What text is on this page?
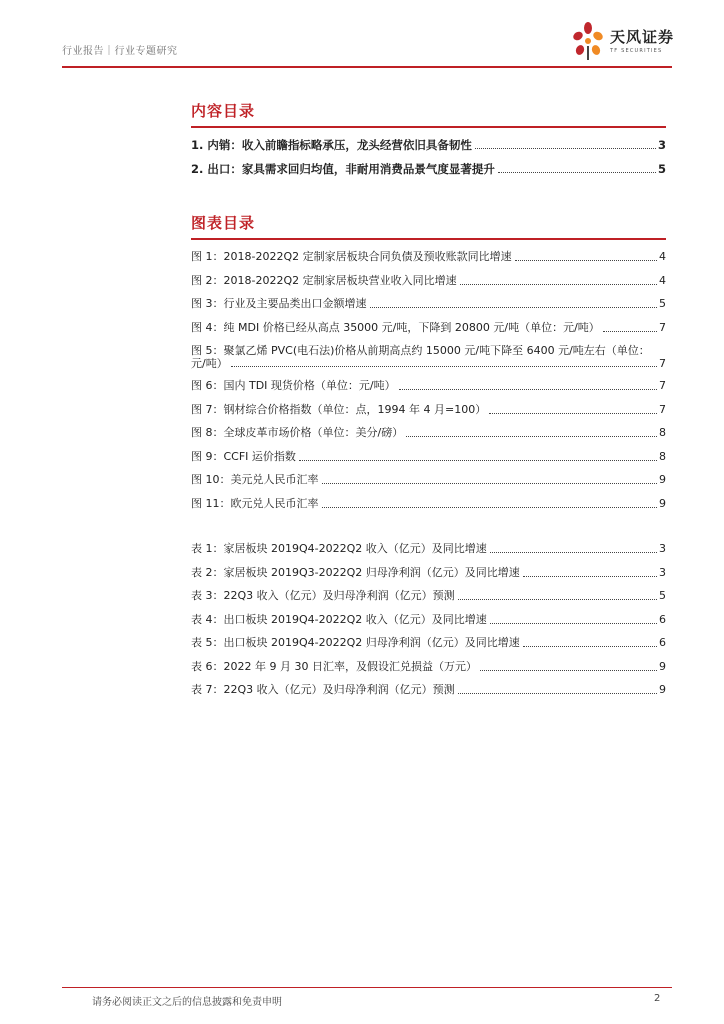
行业报告｜行业专题研究
天风证券
TF SECURITIES
内容目录
1. 内销：收入前瞻指标略承压，龙头经营依旧具备韧性	3
2. 出口：家具需求回归均值，非耐用消费品景气度显著提升	5
图表目录
图 1：2018-2022Q2 定制家居板块合同负债及预收账款同比增速	4
图 2：2018-2022Q2 定制家居板块营业收入同比增速	4
图 3：行业及主要品类出口金额增速	5
图 4：纯 MDI 价格已经从高点 35000 元/吨，下降到 20800 元/吨（单位：元/吨）	7
图 5：聚氯乙烯 PVC(电石法)价格从前期高点约 15000 元/吨下降至 6400 元/吨左右（单位：
元/吨）	7
图 6：国内 TDI 现货价格（单位：元/吨）	7
图 7：钢材综合价格指数（单位：点，1994 年 4 月=100）	7
图 8：全球皮革市场价格（单位：美分/磅）	8
图 9：CCFI 运价指数	8
图 10：美元兑人民币汇率	9
图 11：欧元兑人民币汇率	9
表 1：家居板块 2019Q4-2022Q2 收入（亿元）及同比增速	3
表 2：家居板块 2019Q3-2022Q2 归母净利润（亿元）及同比增速	3
表 3：22Q3 收入（亿元）及归母净利润（亿元）预测	5
表 4：出口板块 2019Q4-2022Q2 收入（亿元）及同比增速	6
表 5：出口板块 2019Q4-2022Q2 归母净利润（亿元）及同比增速	6
表 6：2022 年 9 月 30 日汇率，及假设汇兑损益（万元）	9
表 7：22Q3 收入（亿元）及归母净利润（亿元）预测	9
请务必阅读正文之后的信息披露和免责申明	2
